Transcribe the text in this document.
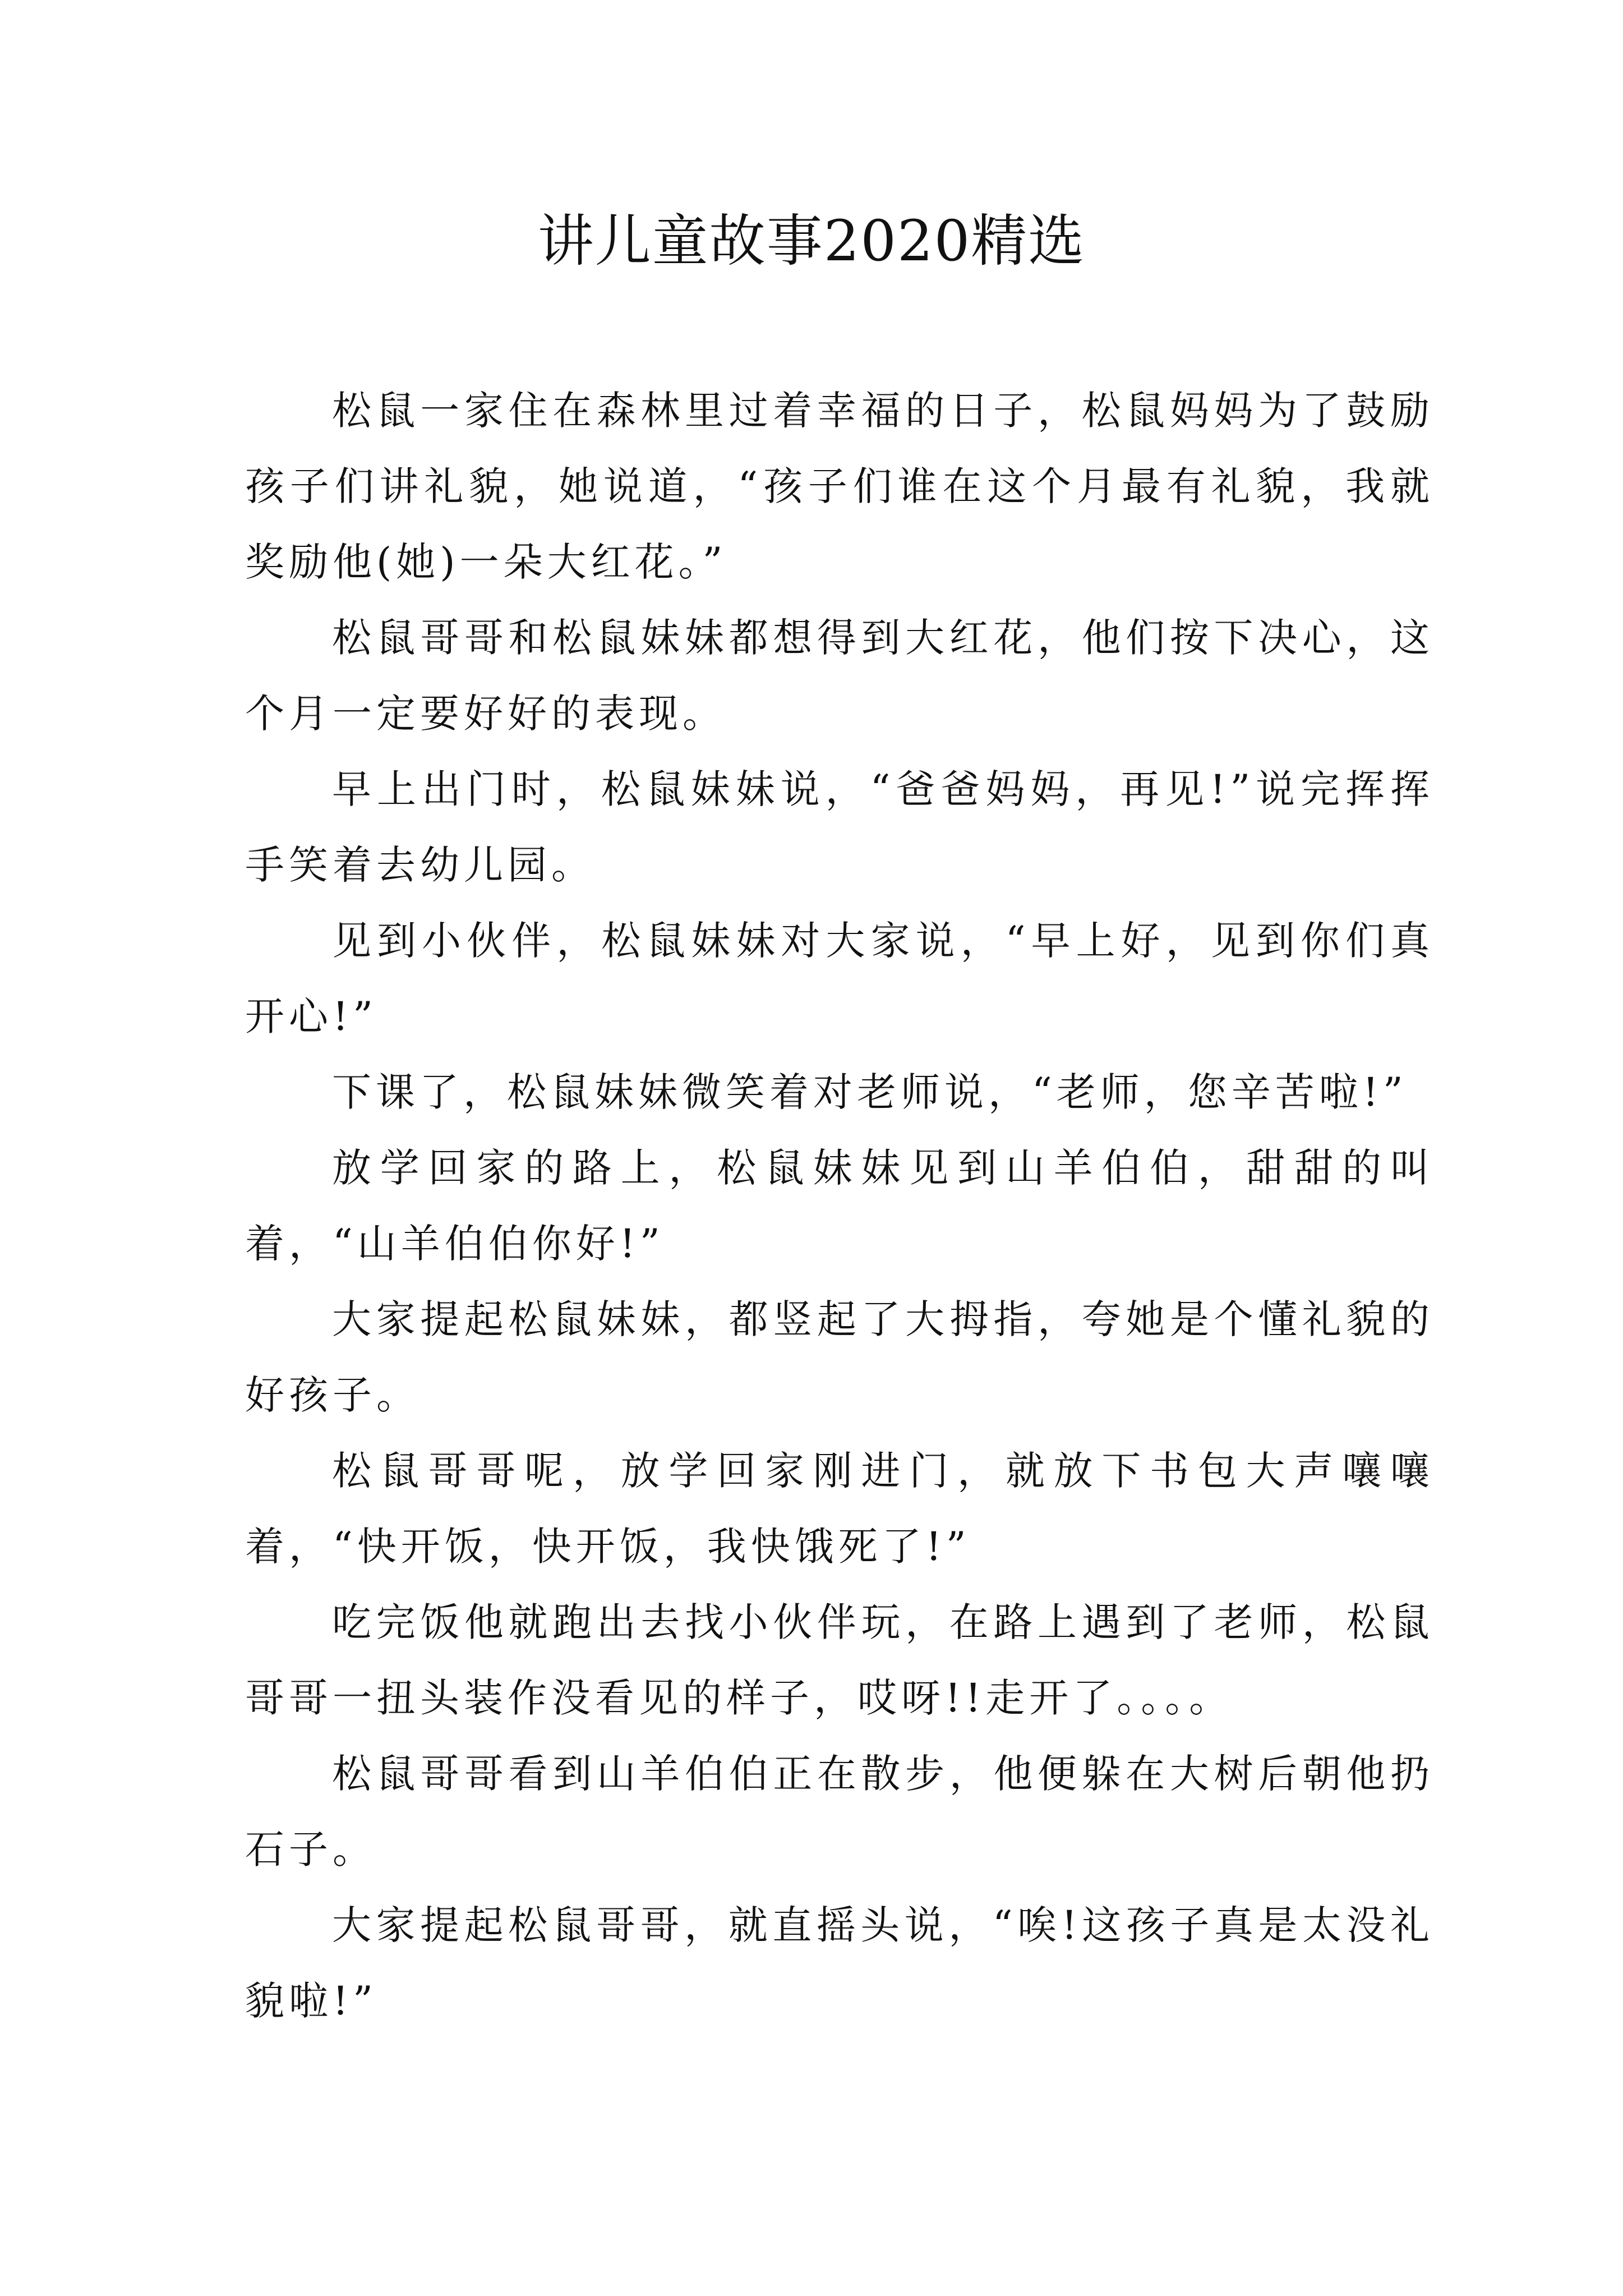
讲儿童故事2020精选

松鼠一家住在森林里过着幸福的日子，松鼠妈妈为了鼓励孩子们讲礼貌，她说道，“孩子们谁在这个月最有礼貌，我就奖励他(她)一朵大红花。”

松鼠哥哥和松鼠妹妹都想得到大红花，他们按下决心，这个月一定要好好的表现。

早上出门时，松鼠妹妹说，“爸爸妈妈，再见!”说完挥挥手笑着去幼儿园。

见到小伙伴，松鼠妹妹对大家说，“早上好，见到你们真开心!”

下课了，松鼠妹妹微笑着对老师说，“老师，您辛苦啦!”

放学回家的路上，松鼠妹妹见到山羊伯伯，甜甜的叫着，“山羊伯伯你好!”

大家提起松鼠妹妹，都竖起了大拇指，夸她是个懂礼貌的好孩子。

松鼠哥哥呢，放学回家刚进门，就放下书包大声嚷嚷着，“快开饭，快开饭，我快饿死了!”

吃完饭他就跑出去找小伙伴玩，在路上遇到了老师，松鼠哥哥一扭头装作没看见的样子，哎呀!!走开了。。。。

松鼠哥哥看到山羊伯伯正在散步，他便躲在大树后朝他扔石子。

大家提起松鼠哥哥，就直摇头说，“唉!这孩子真是太没礼貌啦!”
